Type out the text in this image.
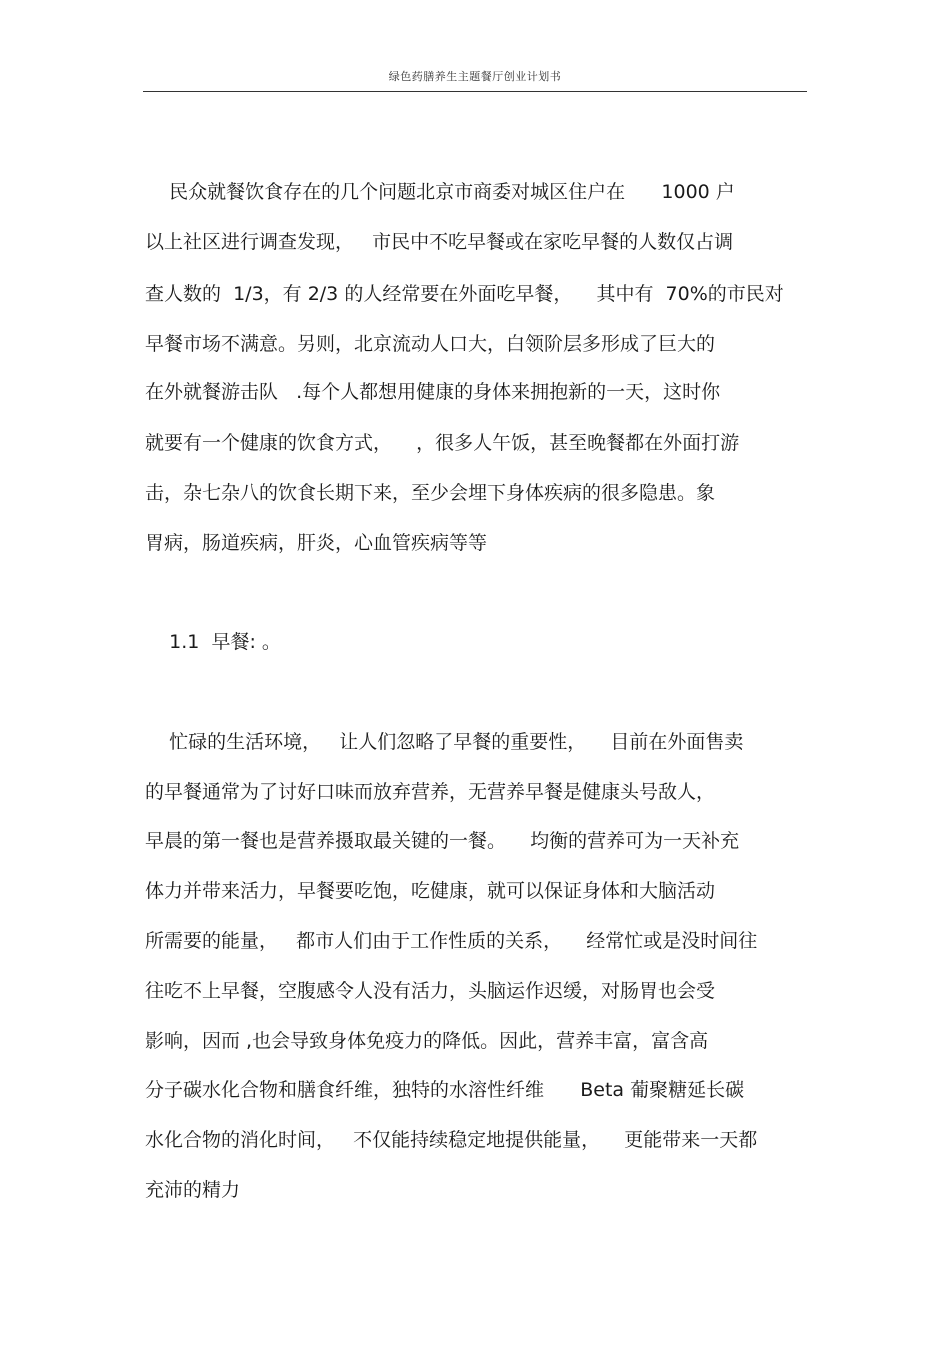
绿色药膳养生主题餐厅创业计划书
民众就餐饮食存在的几个问题北京市商委对城区住户在      1000 户
以上社区进行调查发现，   市民中不吃早餐或在家吃早餐的人数仅占调
查人数的  1/3，有 2/3 的人经常要在外面吃早餐，    其中有  70%的市民对
早餐市场不满意。另则，北京流动人口大，白领阶层多形成了巨大的
在外就餐游击队   .每个人都想用健康的身体来拥抱新的一天，这时你
就要有一个健康的饮食方式，    ，很多人午饭，甚至晚餐都在外面打游
击，杂七杂八的饮食长期下来，至少会埋下身体疾病的很多隐患。象
胃病，肠道疾病，肝炎，心血管疾病等等
1.1  早餐: 。
忙碌的生活环境，   让人们忽略了早餐的重要性，    目前在外面售卖
的早餐通常为了讨好口味而放弃营养，无营养早餐是健康头号敌人，
早晨的第一餐也是营养摄取最关键的一餐。    均衡的营养可为一天补充
体力并带来活力，早餐要吃饱，吃健康，就可以保证身体和大脑活动
所需要的能量，   都市人们由于工作性质的关系，    经常忙或是没时间往
往吃不上早餐，空腹感令人没有活力，头脑运作迟缓，对肠胃也会受
影响，因而 ,也会导致身体免疫力的降低。因此，营养丰富，富含高
分子碳水化合物和膳食纤维，独特的水溶性纤维      Beta 葡聚糖延长碳
水化合物的消化时间，   不仅能持续稳定地提供能量，    更能带来一天都
充沛的精力
